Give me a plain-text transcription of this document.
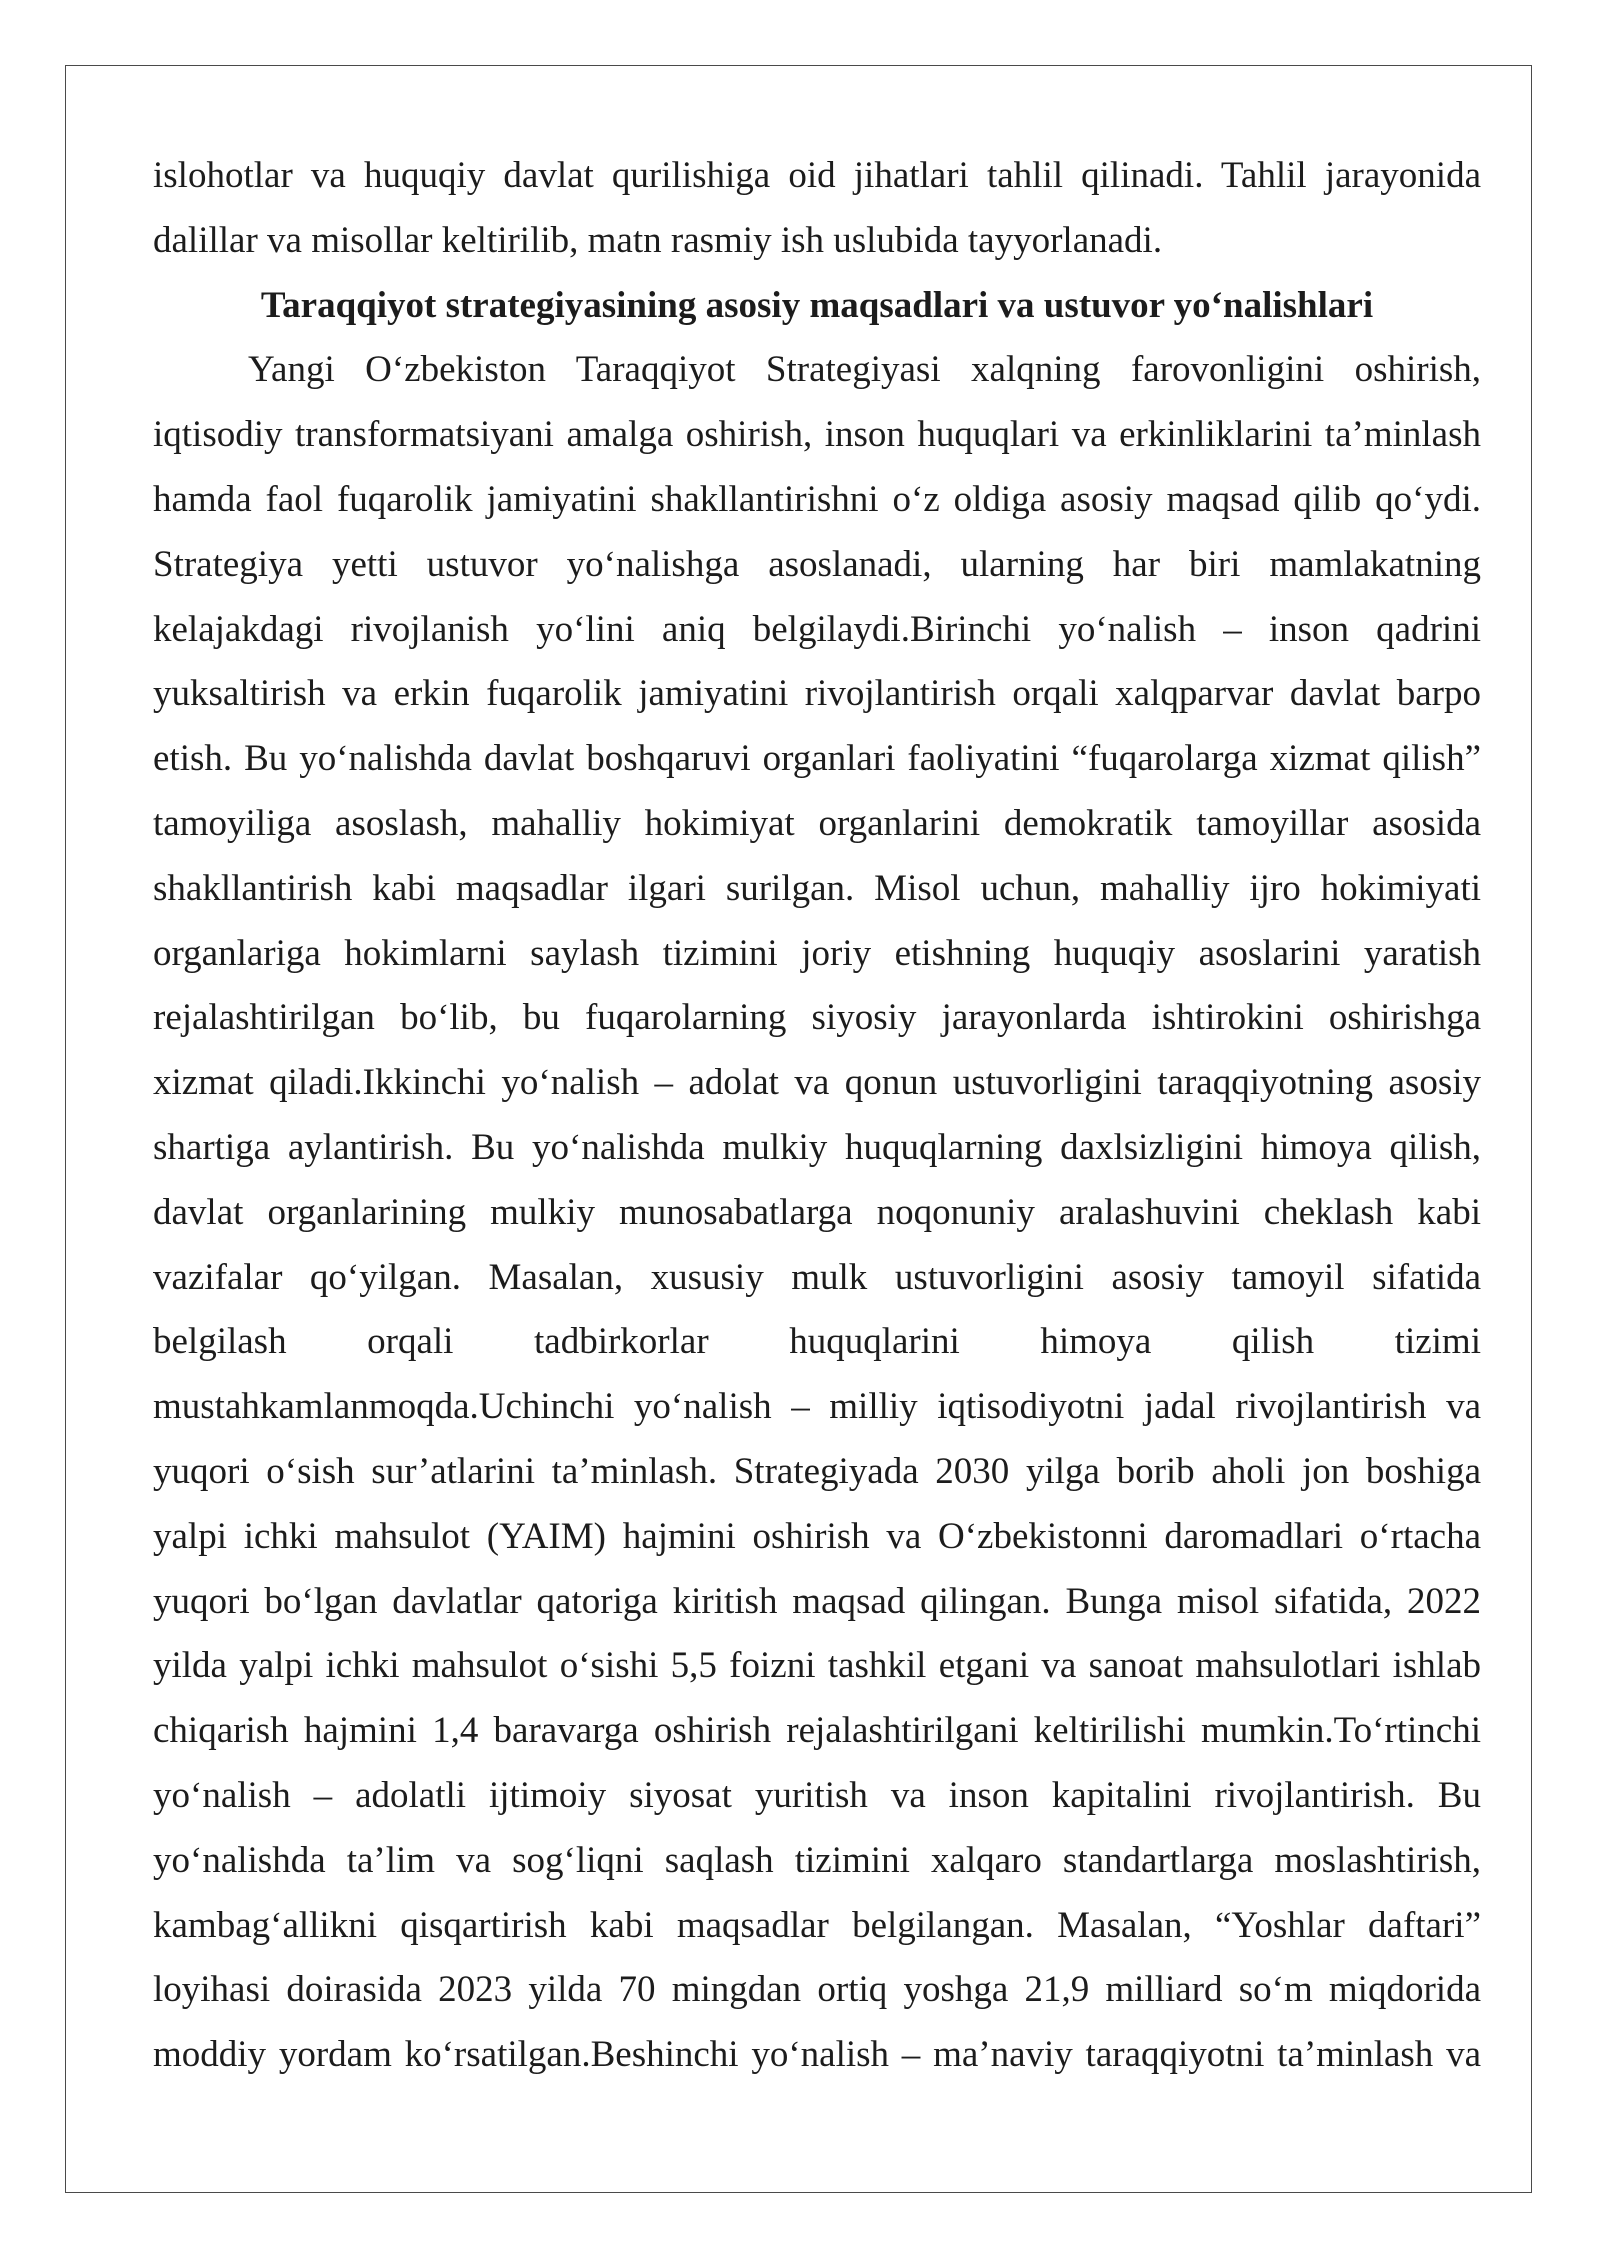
islohotlar va huquqiy davlat qurilishiga oid jihatlari tahlil qilinadi. Tahlil jarayonida
dalillar va misollar keltirilib, matn rasmiy ish uslubida tayyorlanadi.
Taraqqiyot strategiyasining asosiy maqsadlari va ustuvor yo‘nalishlari
Yangi O‘zbekiston Taraqqiyot Strategiyasi xalqning farovonligini oshirish,
iqtisodiy transformatsiyani amalga oshirish, inson huquqlari va erkinliklarini ta’minlash
hamda faol fuqarolik jamiyatini shakllantirishni o‘z oldiga asosiy maqsad qilib qo‘ydi.
Strategiya yetti ustuvor yo‘nalishga asoslanadi, ularning har biri mamlakatning
kelajakdagi rivojlanish yo‘lini aniq belgilaydi.Birinchi yo‘nalish – inson qadrini
yuksaltirish va erkin fuqarolik jamiyatini rivojlantirish orqali xalqparvar davlat barpo
etish. Bu yo‘nalishda davlat boshqaruvi organlari faoliyatini “fuqarolarga xizmat qilish”
tamoyiliga asoslash, mahalliy hokimiyat organlarini demokratik tamoyillar asosida
shakllantirish kabi maqsadlar ilgari surilgan. Misol uchun, mahalliy ijro hokimiyati
organlariga hokimlarni saylash tizimini joriy etishning huquqiy asoslarini yaratish
rejalashtirilgan bo‘lib, bu fuqarolarning siyosiy jarayonlarda ishtirokini oshirishga
xizmat qiladi.Ikkinchi yo‘nalish – adolat va qonun ustuvorligini taraqqiyotning asosiy
shartiga aylantirish. Bu yo‘nalishda mulkiy huquqlarning daxlsizligini himoya qilish,
davlat organlarining mulkiy munosabatlarga noqonuniy aralashuvini cheklash kabi
vazifalar qo‘yilgan. Masalan, xususiy mulk ustuvorligini asosiy tamoyil sifatida
belgilash orqali tadbirkorlar huquqlarini himoya qilish tizimi
mustahkamlanmoqda.Uchinchi yo‘nalish – milliy iqtisodiyotni jadal rivojlantirish va
yuqori o‘sish sur’atlarini ta’minlash. Strategiyada 2030 yilga borib aholi jon boshiga
yalpi ichki mahsulot (YAIM) hajmini oshirish va O‘zbekistonni daromadlari o‘rtacha
yuqori bo‘lgan davlatlar qatoriga kiritish maqsad qilingan. Bunga misol sifatida, 2022
yilda yalpi ichki mahsulot o‘sishi 5,5 foizni tashkil etgani va sanoat mahsulotlari ishlab
chiqarish hajmini 1,4 baravarga oshirish rejalashtirilgani keltirilishi mumkin.To‘rtinchi
yo‘nalish – adolatli ijtimoiy siyosat yuritish va inson kapitalini rivojlantirish. Bu
yo‘nalishda ta’lim va sog‘liqni saqlash tizimini xalqaro standartlarga moslashtirish,
kambag‘allikni qisqartirish kabi maqsadlar belgilangan. Masalan, “Yoshlar daftari”
loyihasi doirasida 2023 yilda 70 mingdan ortiq yoshga 21,9 milliard so‘m miqdorida
moddiy yordam ko‘rsatilgan.Beshinchi yo‘nalish – ma’naviy taraqqiyotni ta’minlash va
